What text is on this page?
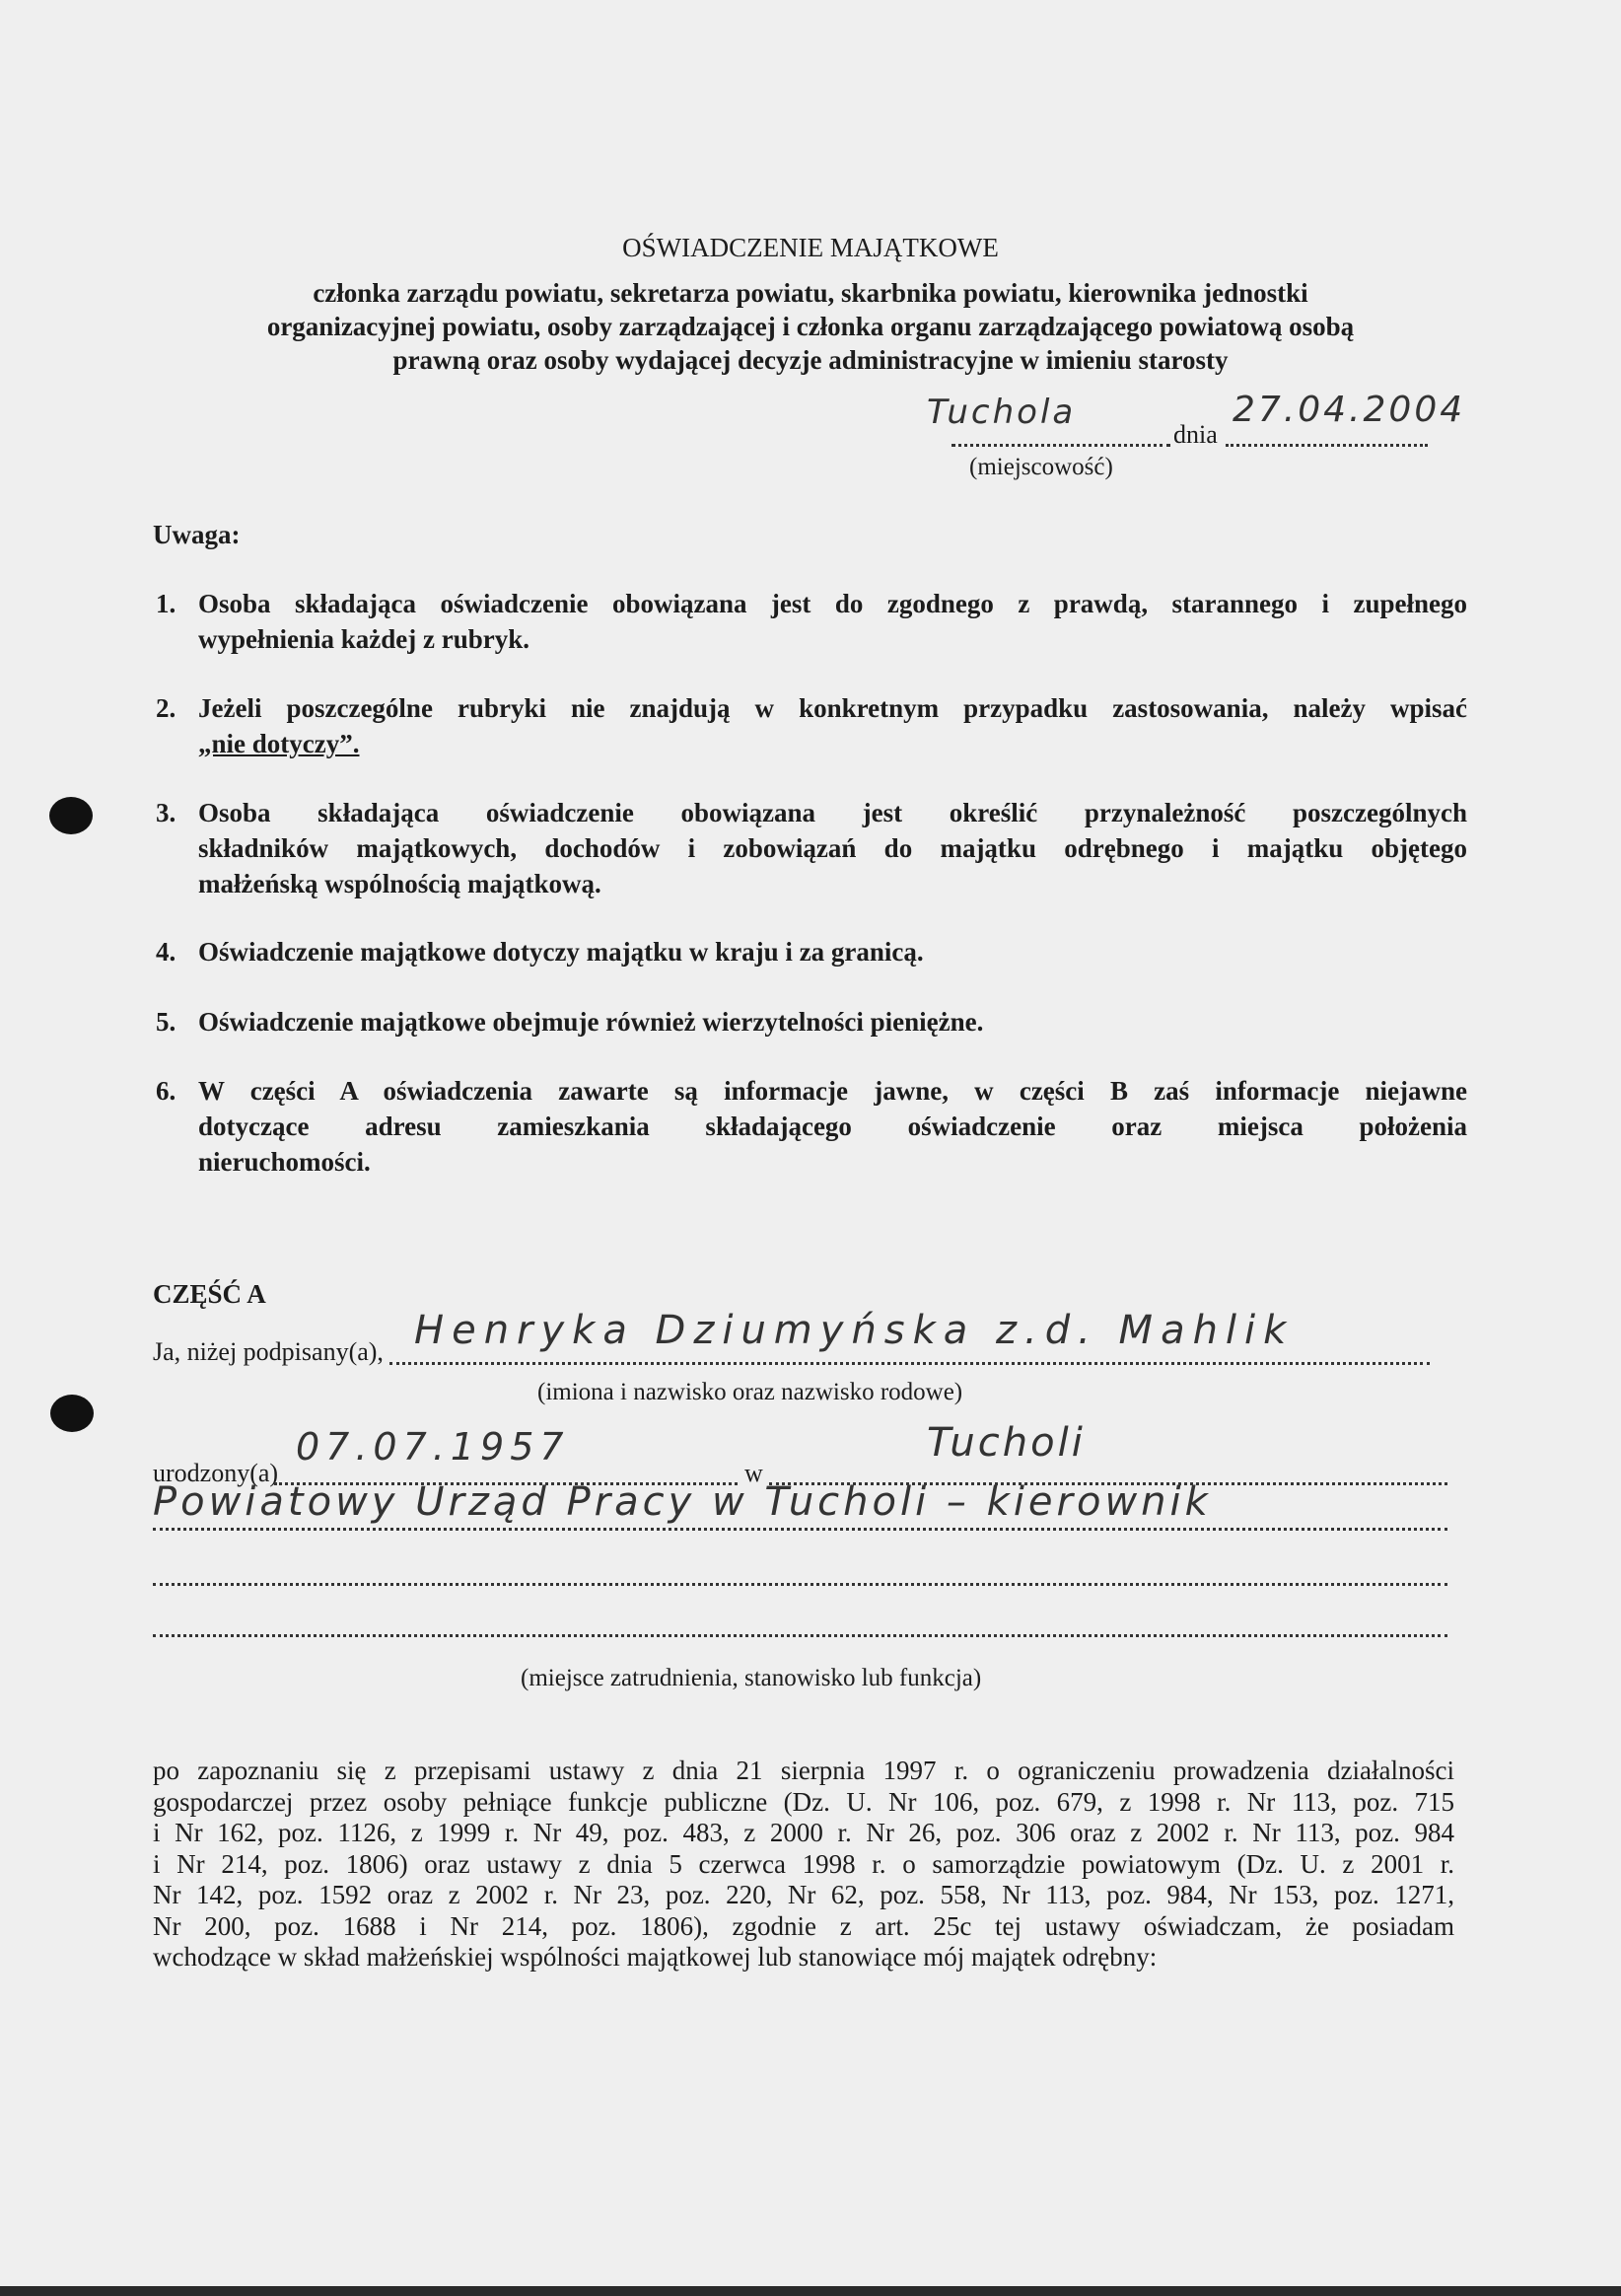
OŚWIADCZENIE MAJĄTKOWE
członka zarządu powiatu, sekretarza powiatu, skarbnika powiatu, kierownika jednostki
organizacyjnej powiatu, osoby zarządzającej i członka organu zarządzającego powiatową osobą
prawną oraz osoby wydającej decyzje administracyjne w imieniu starosty
Tuchola
dnia
27.04.2004
(miejscowość)
Uwaga:
1. Osoba składająca oświadczenie obowiązana jest do zgodnego z prawdą, starannego i zupełnego
wypełnienia każdej z rubryk.
2. Jeżeli poszczególne rubryki nie znajdują w konkretnym przypadku zastosowania, należy wpisać
„nie dotyczy”.
3. Osoba składająca oświadczenie obowiązana jest określić przynależność poszczególnych
składników majątkowych, dochodów i zobowiązań do majątku odrębnego i majątku objętego
małżeńską wspólnością majątkową.
4. Oświadczenie majątkowe dotyczy majątku w kraju i za granicą.
5. Oświadczenie majątkowe obejmuje również wierzytelności pieniężne.
6. W części A oświadczenia zawarte są informacje jawne, w części B zaś informacje niejawne
dotyczące adresu zamieszkania składającego oświadczenie oraz miejsca położenia
nieruchomości.
CZĘŚĆ A
Ja, niżej podpisany(a), Henryka Dziumyńska z.d. Mahlik
(imiona i nazwisko oraz nazwisko rodowe)
urodzony(a)
07.07.1957
w
Tucholi
Powiatowy Urząd Pracy w Tucholi – kierownik
(miejsce zatrudnienia, stanowisko lub funkcja)
po zapoznaniu się z przepisami ustawy z dnia 21 sierpnia 1997 r. o ograniczeniu prowadzenia działalności
gospodarczej przez osoby pełniące funkcje publiczne (Dz. U. Nr 106, poz. 679, z 1998 r. Nr 113, poz. 715
i Nr 162, poz. 1126, z 1999 r. Nr 49, poz. 483, z 2000 r. Nr 26, poz. 306 oraz z 2002 r. Nr 113, poz. 984
i Nr 214, poz. 1806) oraz ustawy z dnia 5 czerwca 1998 r. o samorządzie powiatowym (Dz. U. z 2001 r.
Nr 142, poz. 1592 oraz z 2002 r. Nr 23, poz. 220, Nr 62, poz. 558, Nr 113, poz. 984, Nr 153, poz. 1271,
Nr 200, poz. 1688 i Nr 214, poz. 1806), zgodnie z art. 25c tej ustawy oświadczam, że posiadam
wchodzące w skład małżeńskiej wspólności majątkowej lub stanowiące mój majątek odrębny:
